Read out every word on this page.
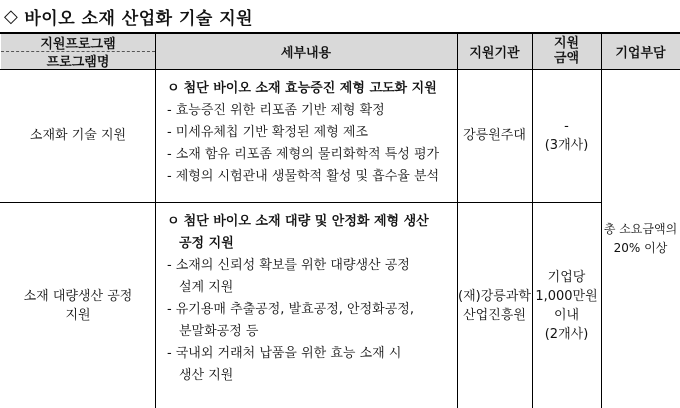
◇ 바이오 소재 산업화 기술 지원
지원프로그램
프로그램명
세부내용	지원기관
지원
금액	기업부담
소재화 기술 지원
ㅇ 첨단 바이오 소재 효능증진 제형 고도화 지원
- 효능증진 위한 리포좀 기반 제형 확정
- 미세유체칩 기반 확정된 제형 제조
- 소재 함유 리포좀 제형의 물리화학적 특성 평가
- 제형의 시험관내 생물학적 활성 및 흡수율 분석
강릉원주대
-
(3개사)
소재 대량생산 공정
지원
ㅇ 첨단 바이오 소재 대량 및 안정화 제형 생산
공정 지원
- 소재의 신뢰성 확보를 위한 대량생산 공정
설계 지원
- 유기용매 추출공정, 발효공정, 안정화공정,
분말화공정 등
- 국내외 거래처 납품을 위한 효능 소재 시
생산 지원
(재)강릉과학
산업진흥원
기업당
1,000만원
이내
(2개사)
총 소요금액의
20% 이상
